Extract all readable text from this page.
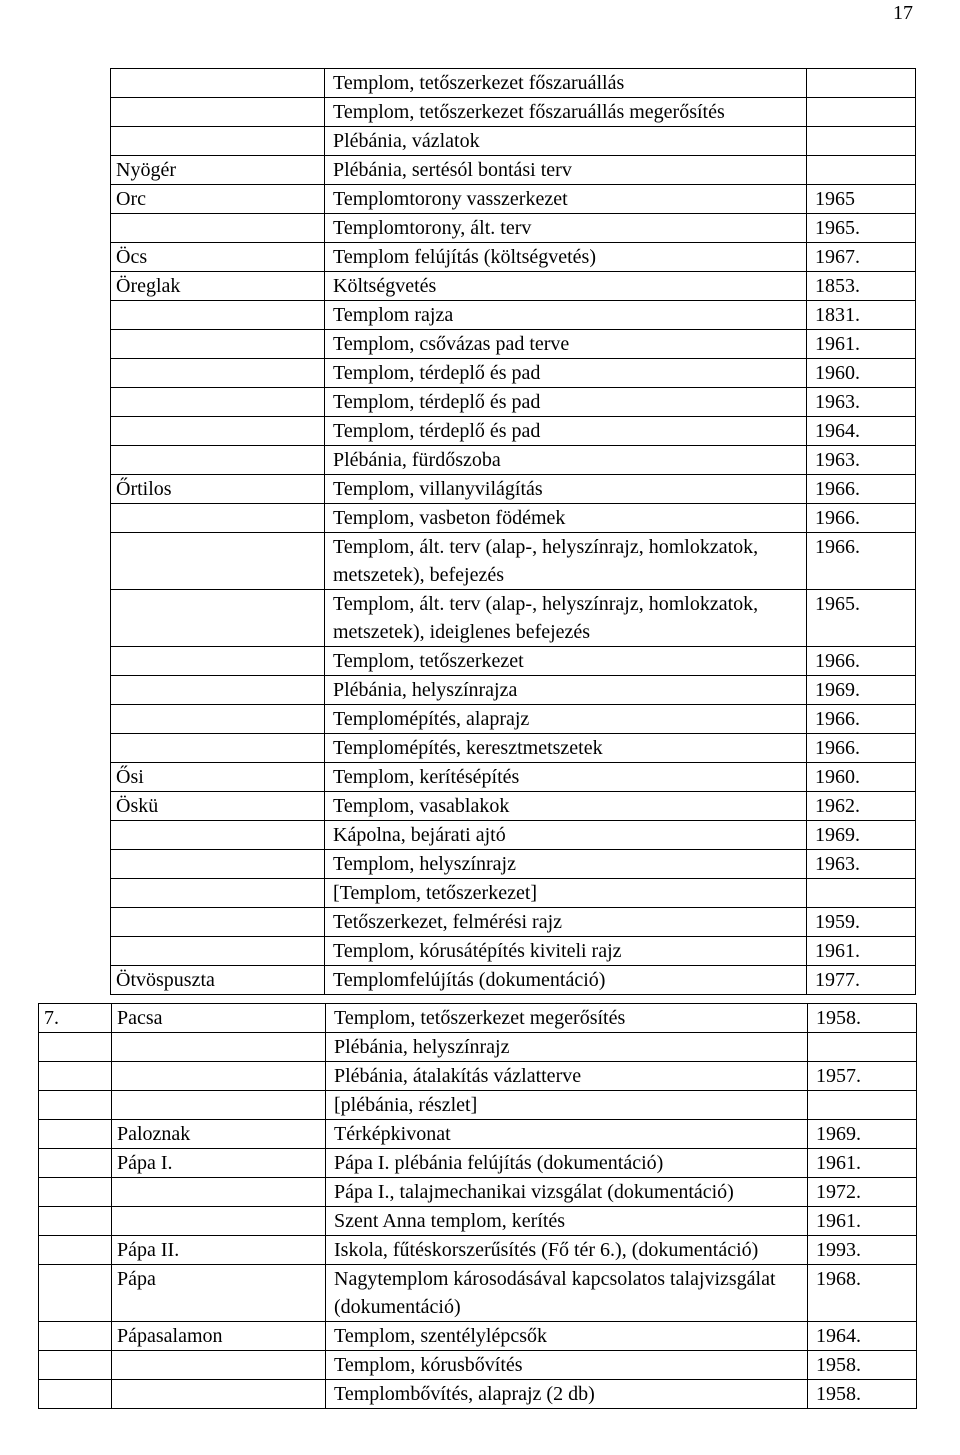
17
	Templom, tetőszerkezet főszaruállás	
	Templom, tetőszerkezet főszaruállás megerősítés	
	Plébánia, vázlatok	
Nyögér	Plébánia, sertésól bontási terv	
Orc	Templomtorony vasszerkezet	1965
	Templomtorony, ált. terv	1965.
Öcs	Templom felújítás (költségvetés)	1967.
Öreglak	Költségvetés	1853.
	Templom rajza	1831.
	Templom, csővázas pad terve	1961.
	Templom, térdeplő és pad	1960.
	Templom, térdeplő és pad	1963.
	Templom, térdeplő és pad	1964.
	Plébánia, fürdőszoba	1963.
Őrtilos	Templom, villanyvilágítás	1966.
	Templom, vasbeton födémek	1966.
	Templom, ált. terv (alap-, helyszínrajz, homlokzatok, metszetek), befejezés	1966.
	Templom, ált. terv (alap-, helyszínrajz, homlokzatok, metszetek), ideiglenes befejezés	1965.
	Templom, tetőszerkezet	1966.
	Plébánia, helyszínrajza	1969.
	Templomépítés, alaprajz	1966.
	Templomépítés, keresztmetszetek	1966.
Ősi	Templom, kerítésépítés	1960.
Öskü	Templom, vasablakok	1962.
	Kápolna, bejárati ajtó	1969.
	Templom, helyszínrajz	1963.
	[Templom, tetőszerkezet]	
	Tetőszerkezet, felmérési rajz	1959.
	Templom, kórusátépítés kiviteli rajz	1961.
Ötvöspuszta	Templomfelújítás (dokumentáció)	1977.
7.	Pacsa	Templom, tetőszerkezet megerősítés	1958.
		Plébánia, helyszínrajz	
		Plébánia, átalakítás vázlatterve	1957.
		[plébánia, részlet]	
	Paloznak	Térképkivonat	1969.
	Pápa I.	Pápa I. plébánia felújítás (dokumentáció)	1961.
		Pápa I., talajmechanikai vizsgálat (dokumentáció)	1972.
		Szent Anna templom, kerítés	1961.
	Pápa II.	Iskola, fűtéskorszerűsítés (Fő tér 6.), (dokumentáció)	1993.
	Pápa	Nagytemplom károsodásával kapcsolatos talajvizsgálat (dokumentáció)	1968.
	Pápasalamon	Templom, szentélylépcsők	1964.
		Templom, kórusbővítés	1958.
		Templombővítés, alaprajz (2 db)	1958.
